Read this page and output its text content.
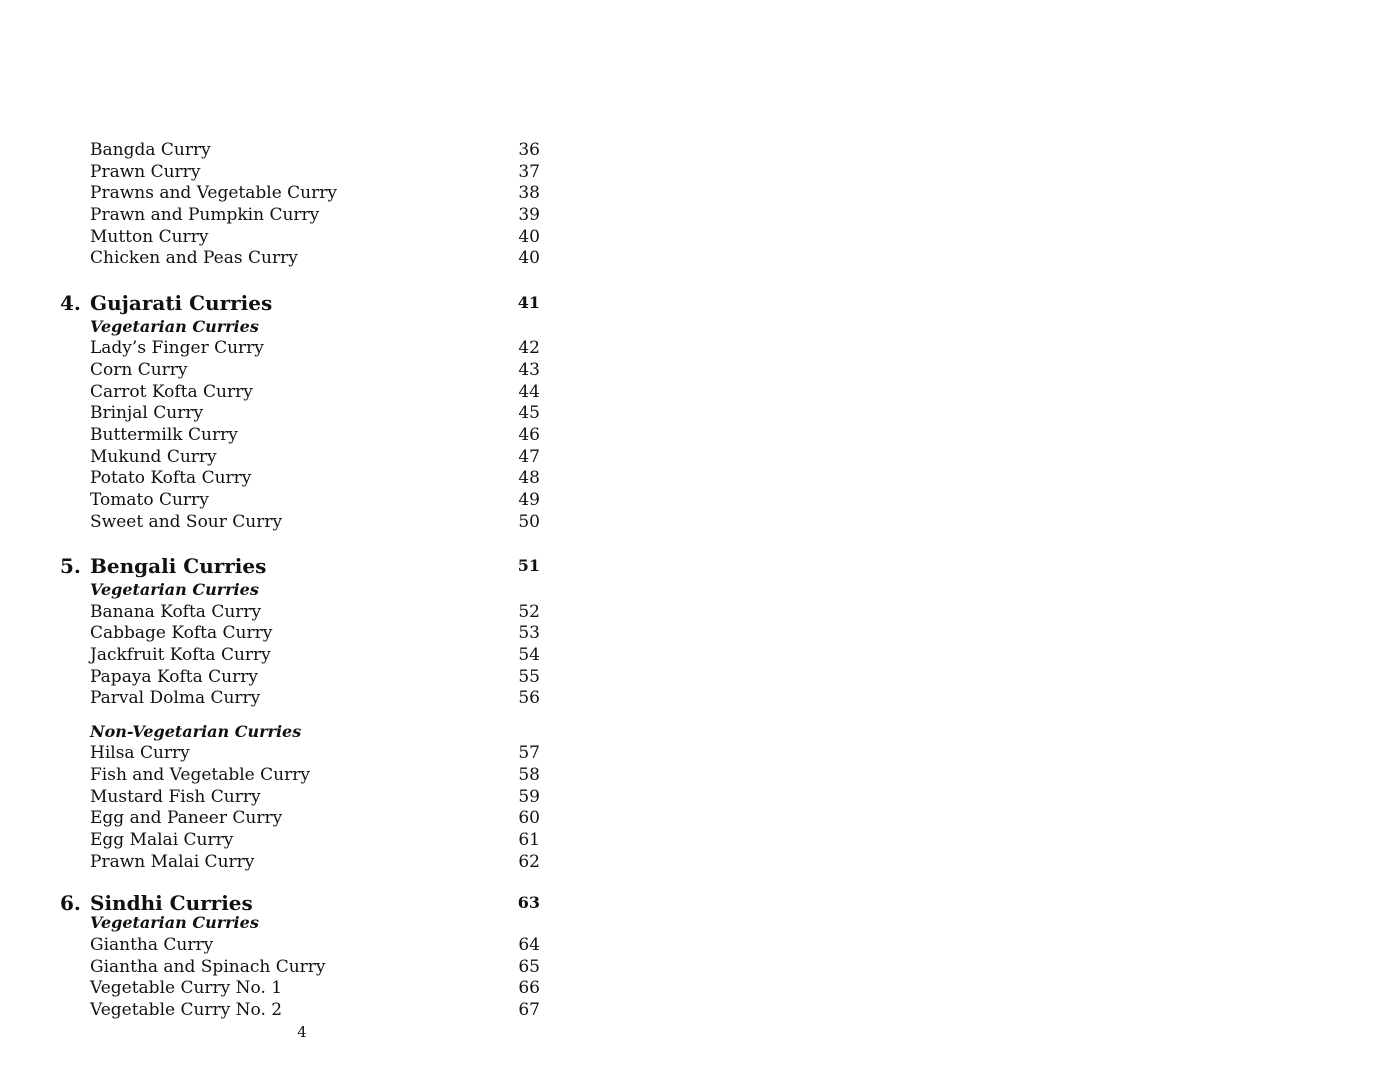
Bangda Curry	36
Prawn Curry	37
Prawns and Vegetable Curry	38
Prawn and Pumpkin Curry	39
Mutton Curry	40
Chicken and Peas Curry	40
4. Gujarati Curries	41
Vegetarian Curries
Lady’s Finger Curry	42
Corn Curry	43
Carrot Kofta Curry	44
Brinjal Curry	45
Buttermilk Curry	46
Mukund Curry	47
Potato Kofta Curry	48
Tomato Curry	49
Sweet and Sour Curry	50
5. Bengali Curries	51
Vegetarian Curries
Banana Kofta Curry	52
Cabbage Kofta Curry	53
Jackfruit Kofta Curry	54
Papaya Kofta Curry	55
Parval Dolma Curry	56
Non-Vegetarian Curries
Hilsa Curry	57
Fish and Vegetable Curry	58
Mustard Fish Curry	59
Egg and Paneer Curry	60
Egg Malai Curry	61
Prawn Malai Curry	62
6. Sindhi Curries	63
Vegetarian Curries
Giantha Curry	64
Giantha and Spinach Curry	65
Vegetable Curry No. 1	66
Vegetable Curry No. 2	67
4
